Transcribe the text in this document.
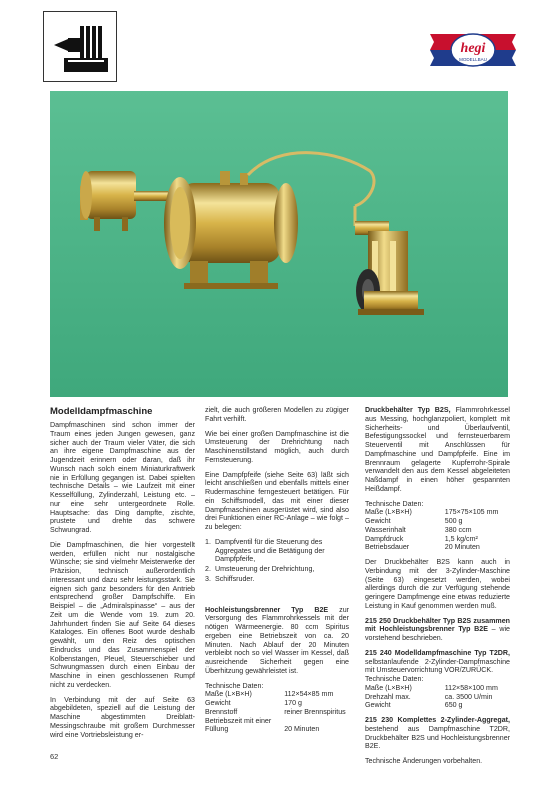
hegi
MODELLBAU
Modelldampfmaschine

Dampfmaschinen sind schon immer der Traum eines jeden Jungen gewesen, ganz sicher auch der Traum vieler Väter, die sich an ihre eigene Dampfmaschine aus der Jugendzeit erinnern oder daran, daß ihr Wunsch nach solch einem Miniaturkraftwerk nie in Erfüllung gegangen ist. Dabei spielten technische Details – wie Laufzeit mit einer Kesselfüllung, Zylinderzahl, Leistung etc. – nur eine sehr untergeordnete Rolle. Hauptsache: das Ding dampfte, zischte, prustete und drehte das schwere Schwungrad.

Die Dampfmaschinen, die hier vorgestellt werden, erfüllen nicht nur nostalgische Wünsche; sie sind vielmehr Meisterwerke der Präzision, technisch außerordentlich interessant und dazu sehr leistungsstark. Sie eignen sich ganz besonders für den Antrieb entsprechend großer Dampfschiffe. Ein Beispiel – die „Admiralspinasse“ – aus der Zeit um die Wende vom 19. zum 20. Jahrhundert finden Sie auf Seite 64 dieses Kataloges. Ein offenes Boot wurde deshalb gewählt, um den Reiz des optischen Eindrucks und das Zusammenspiel der Kolbenstangen, Pleuel, Steuerschieber und Schwungmassen durch einen Einbau der Maschine in einen geschlossenen Rumpf nicht zu verdecken.

In Verbindung mit der auf Seite 63 abgebildeten, speziell auf die Leistung der Maschine abgestimmten Dreiblatt-Messingschraube mit großem Durchmesser wird eine Vortriebsleistung er-

zielt, die auch größeren Modellen zu zügiger Fahrt verhilft.

Wie bei einer großen Dampfmaschine ist die Umsteuerung der Drehrichtung nach Maschinenstillstand möglich, auch durch Fernsteuerung.

Eine Dampfpfeife (siehe Seite 63) läßt sich leicht anschließen und ebenfalls mittels einer Rudermaschine ferngesteuert betätigen. Für ein Schiffsmodell, das mit einer dieser Dampfmaschinen ausgerüstet wird, sind also drei Funktionen einer RC-Anlage – wie folgt – zu belegen:

1. Dampfventil für die Steuerung des Aggregates und die Betätigung der Dampfpfeife,
2. Umsteuerung der Drehrichtung,
3. Schiffsruder.

Hochleistungsbrenner Typ B2E zur Versorgung des Flammrohrkessels mit der nötigen Wärmeenergie. 80 ccm Spiritus ergeben eine Betriebszeit von ca. 20 Minuten. Nach Ablauf der 20 Minuten verbleibt noch so viel Wasser im Kessel, daß ausreichende Sicherheit gegen eine Überhitzung gewährleistet ist.

Technische Daten:
Maße (L×B×H)	112×54×85 mm
Gewicht	170 g
Brennstoff	reiner Brennspiritus
Betriebszeit mit einer Füllung	20 Minuten

Druckbehälter Typ B2S, Flammrohrkessel aus Messing, hochglanzpoliert, komplett mit Sicherheits- und Überlaufventil, Befestigungssockel und fernsteuerbarem Steuerventil mit Anschlüssen für Dampfmaschine und Dampfpfeife. Eine im Brennraum gelagerte Kupferrohr-Spirale verwandelt den aus dem Kessel abgeleiteten Naßdampf in einen höher gespannten Heißdampf.

Technische Daten:
Maße (L×B×H)	175×75×105 mm
Gewicht	500 g
Wasserinhalt	380 ccm
Dampfdruck	1,5 kg/cm²
Betriebsdauer	20 Minuten

Der Druckbehälter B2S kann auch in Verbindung mit der 3-Zylinder-Maschine (Seite 63) eingesetzt werden, wobei allerdings durch die zur Verfügung stehende geringere Dampfmenge eine etwas reduzierte Leistung in Kauf genommen werden muß.

215 250 Druckbehälter Typ B2S zusammen mit Hochleistungsbrenner Typ B2E – wie vorstehend beschrieben.

215 240 Modelldampfmaschine Typ T2DR, selbstanlaufende 2-Zylinder-Dampfmaschine mit Umsteuervorrichtung VOR/ZURÜCK.

Technische Daten:
Maße (L×B×H)	112×58×100 mm
Drehzahl max.	ca. 3500 U/min
Gewicht	650 g

215 230 Komplettes 2-Zylinder-Aggregat, bestehend aus Dampfmaschine T2DR, Druckbehälter B2S und Hochleistungsbrenner B2E.

Technische Änderungen vorbehalten.

62
